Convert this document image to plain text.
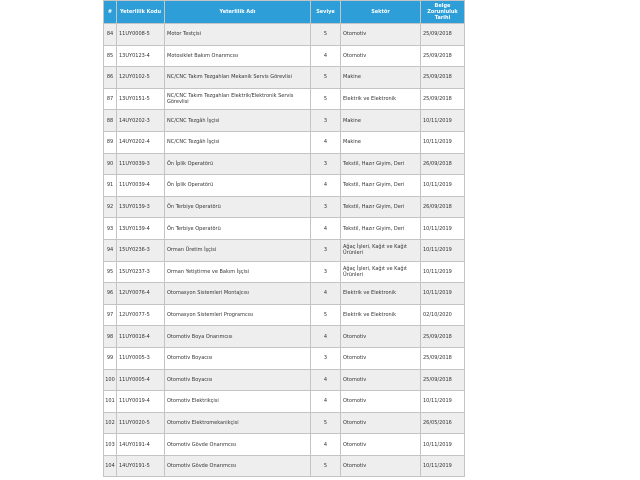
#	Yeterlilik Kodu	Yeterlilik Adı	Seviye	Sektör	Belge Zorunluluk Tarihi
84	11UY0008-5	Motor Testçisi	5	Otomotiv	25/09/2018
85	13UY0123-4	Motosiklet Bakım Onarımcısı	4	Otomotiv	25/09/2018
86	12UY0102-5	NC/CNC Takım Tezgahları Mekanik Servis Görevlisi	5	Makine	25/09/2018
87	13UY0151-5	NC/CNC Takım Tezgahları Elektrik/Elektronik Servis Görevlisi	5	Elektrik ve Elektronik	25/09/2018
88	14UY0202-3	NC/CNC Tezgâh İşçisi	3	Makine	10/11/2019
89	14UY0202-4	NC/CNC Tezgâh İşçisi	4	Makine	10/11/2019
90	11UY0039-3	Ön İplik Operatörü	3	Tekstil, Hazır Giyim, Deri	26/09/2018
91	11UY0039-4	Ön İplik Operatörü	4	Tekstil, Hazır Giyim, Deri	10/11/2019
92	13UY0139-3	Ön Terbiye Operatörü	3	Tekstil, Hazır Giyim, Deri	26/09/2018
93	13UY0139-4	Ön Terbiye Operatörü	4	Tekstil, Hazır Giyim, Deri	10/11/2019
94	15UY0236-3	Orman Üretim İşçisi	3	Ağaç İşleri, Kağıt ve Kağıt Ürünleri	10/11/2019
95	15UY0237-3	Orman Yetiştirme ve Bakım İşçisi	3	Ağaç İşleri, Kağıt ve Kağıt Ürünleri	10/11/2019
96	12UY0076-4	Otomasyon Sistemleri Montajcısı	4	Elektrik ve Elektronik	10/11/2019
97	12UY0077-5	Otomasyon Sistemleri Programcısı	5	Elektrik ve Elektronik	02/10/2020
98	11UY0018-4	Otomotiv Boya Onarımcısı	4	Otomotiv	25/09/2018
99	11UY0005-3	Otomotiv Boyacısı	3	Otomotiv	25/09/2018
100	11UY0005-4	Otomotiv Boyacısı	4	Otomotiv	25/09/2018
101	11UY0019-4	Otomotiv Elektrikçisi	4	Otomotiv	10/11/2019
102	11UY0020-5	Otomotiv Elektromekanikçisi	5	Otomotiv	26/05/2016
103	14UY0191-4	Otomotiv Gövde Onarımcısı	4	Otomotiv	10/11/2019
104	14UY0191-5	Otomotiv Gövde Onarımcısı	5	Otomotiv	10/11/2019
